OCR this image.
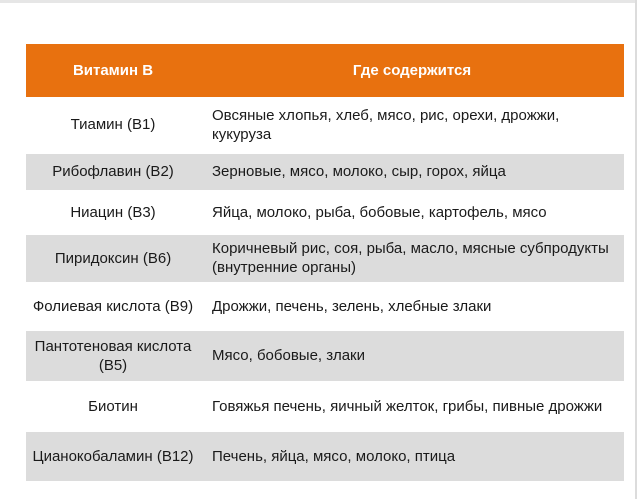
Витамин В	Где содержится
Тиамин (В1)	Овсяные хлопья, хлеб, мясо, рис, орехи, дрожжи, кукуруза
Рибофлавин (В2)	Зерновые, мясо, молоко, сыр, горох, яйца
Ниацин (В3)	Яйца, молоко, рыба, бобовые, картофель, мясо
Пиридоксин (В6)	Коричневый рис, соя, рыба, масло, мясные субпродукты (внутренние органы)
Фолиевая кислота (В9)	Дрожжи, печень, зелень, хлебные злаки
Пантотеновая кислота (В5)	Мясо, бобовые, злаки
Биотин	Говяжья печень, яичный желток, грибы, пивные дрожжи
Цианокобаламин (В12)	Печень, яйца, мясо, молоко, птица
